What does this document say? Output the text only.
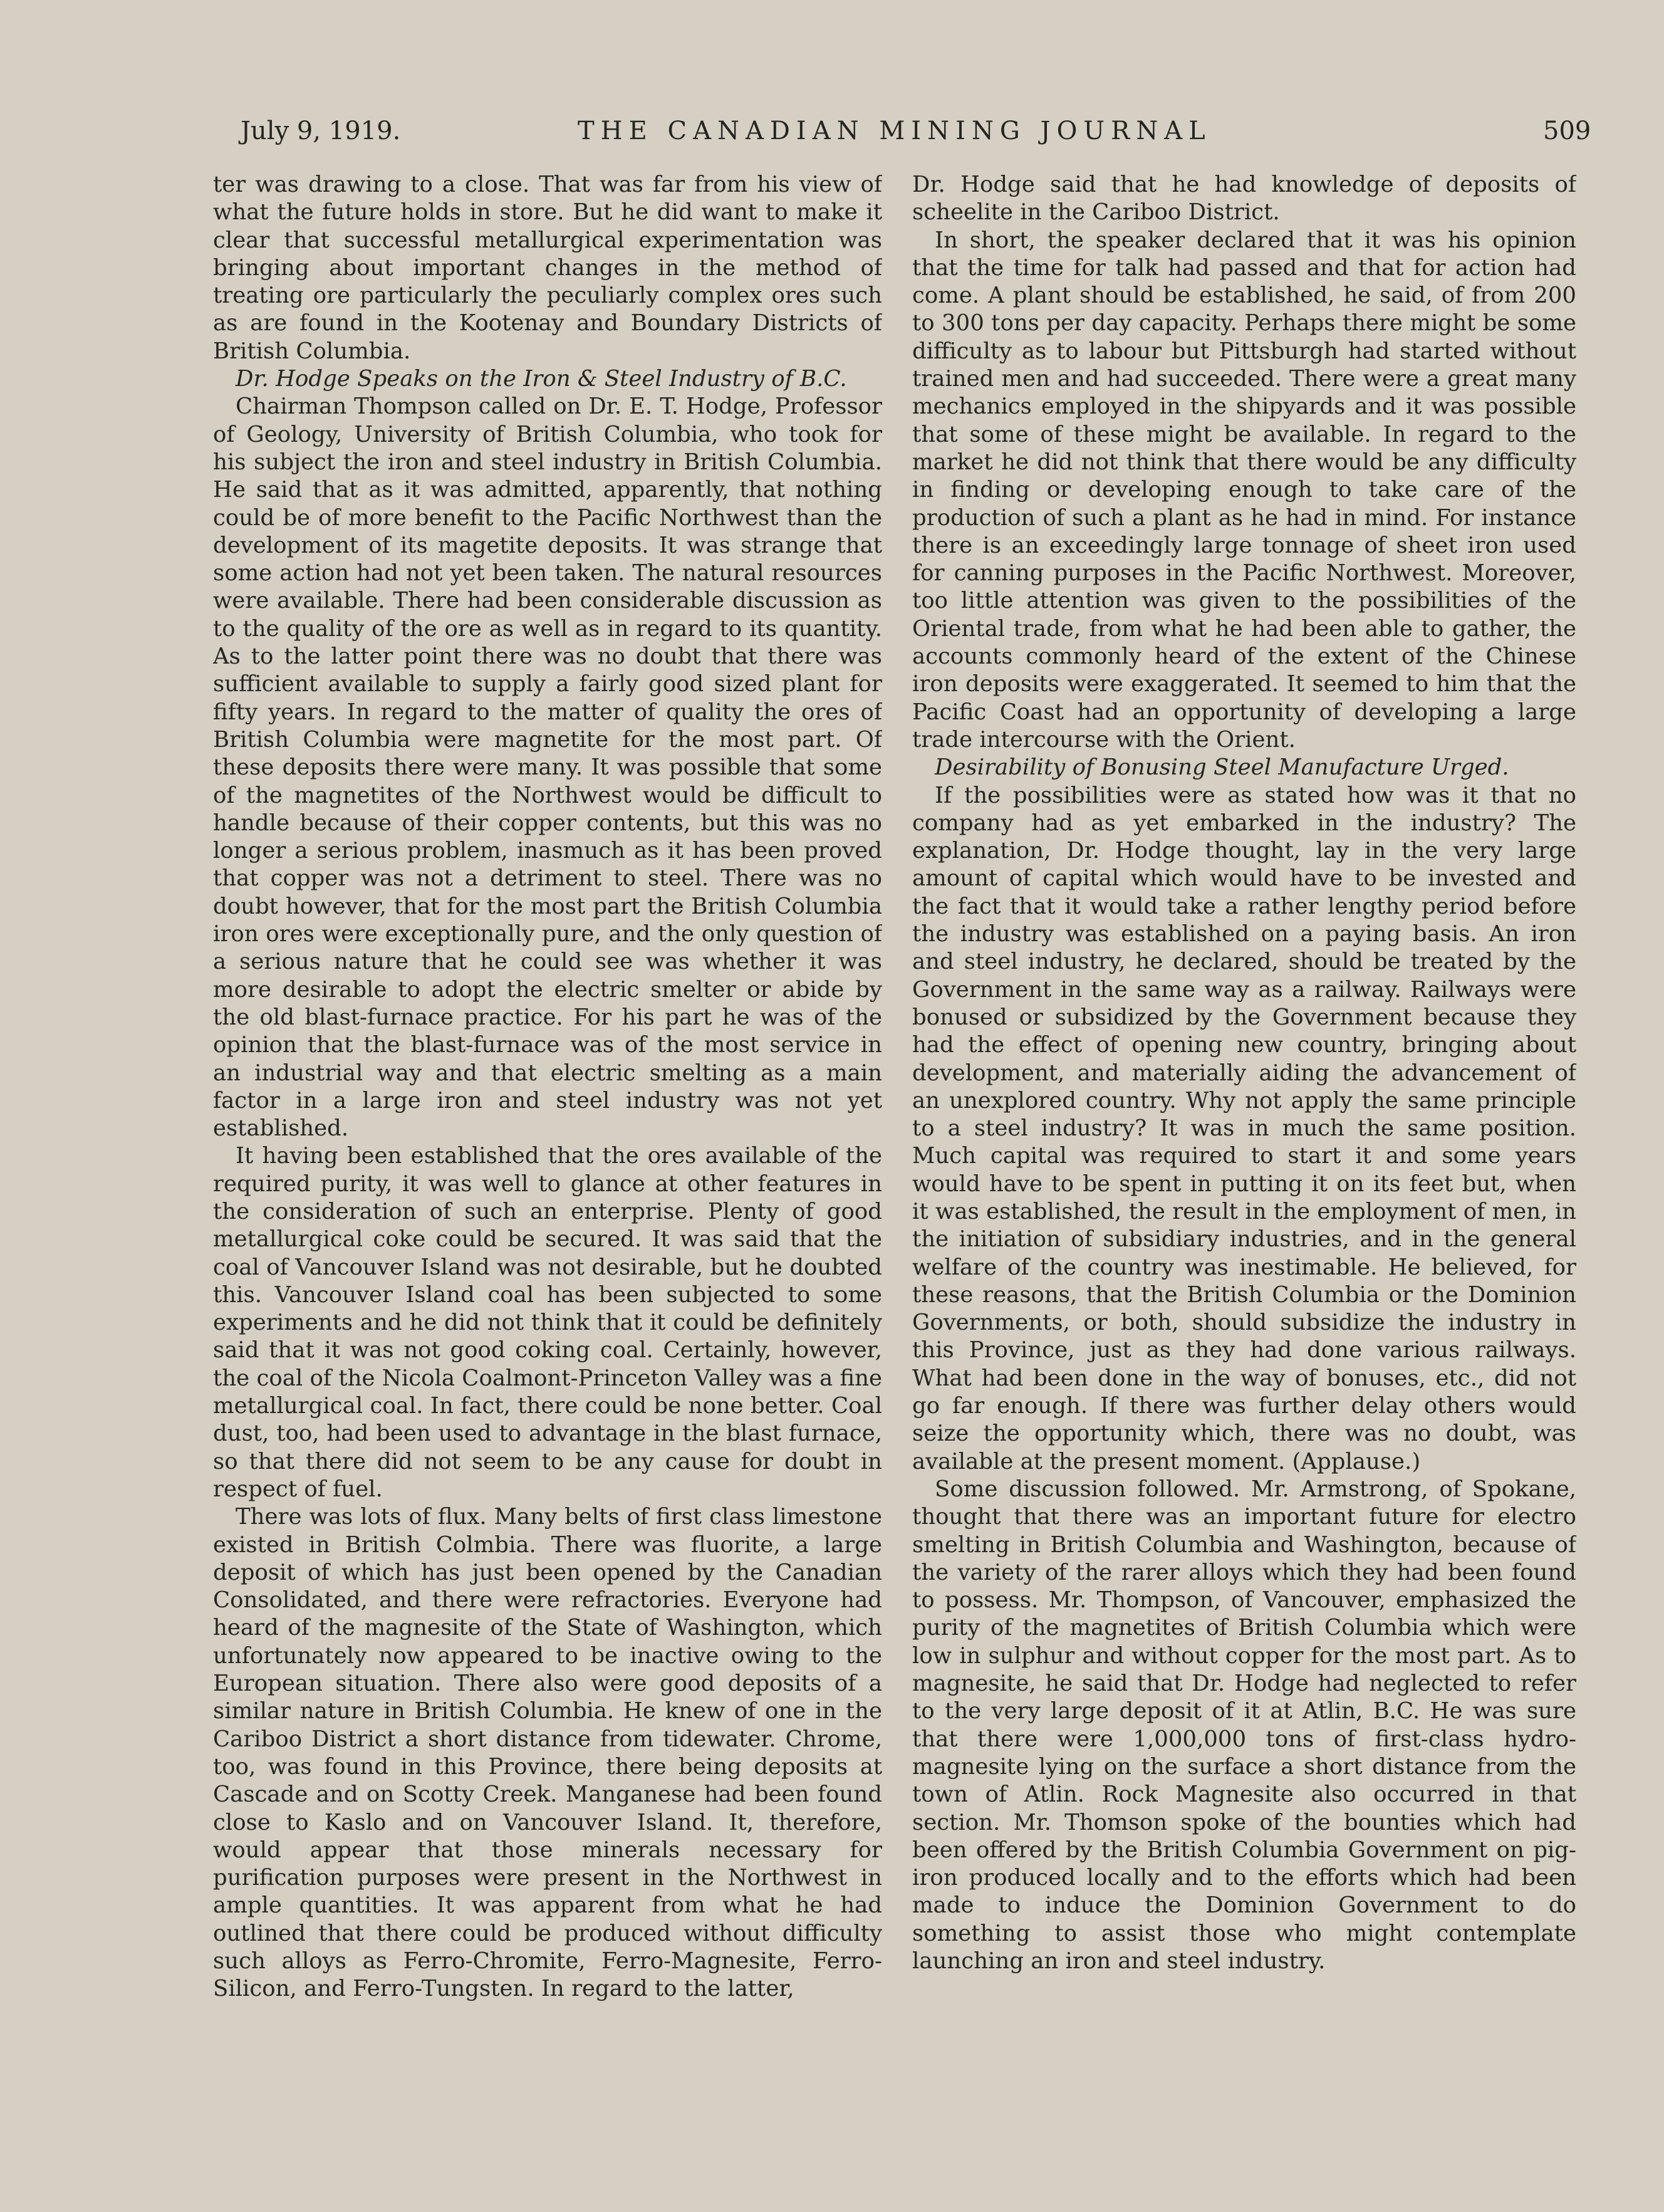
July 9, 1919.	THE CANADIAN MINING JOURNAL	509

ter was drawing to a close. That was far from his view of what the future holds in store. But he did want to make it clear that successful metallurgical experimentation was bringing about important changes in the method of treating ore particularly the peculiarly complex ores such as are found in the Kootenay and Boundary Districts of British Columbia.

Dr. Hodge Speaks on the Iron & Steel Industry of B.C.

Chairman Thompson called on Dr. E. T. Hodge, Professor of Geology, University of British Columbia, who took for his subject the iron and steel industry in British Columbia. He said that as it was admitted, apparently, that nothing could be of more benefit to the Pacific Northwest than the development of its magetite deposits. It was strange that some action had not yet been taken. The natural resources were available. There had been considerable discussion as to the quality of the ore as well as in regard to its quantity. As to the latter point there was no doubt that there was sufficient available to supply a fairly good sized plant for fifty years. In regard to the matter of quality the ores of British Columbia were magnetite for the most part. Of these deposits there were many. It was possible that some of the magnetites of the Northwest would be difficult to handle because of their copper contents, but this was no longer a serious problem, inasmuch as it has been proved that copper was not a detriment to steel. There was no doubt however, that for the most part the British Columbia iron ores were exceptionally pure, and the only question of a serious nature that he could see was whether it was more desirable to adopt the electric smelter or abide by the old blast-furnace practice. For his part he was of the opinion that the blast-furnace was of the most service in an industrial way and that electric smelting as a main factor in a large iron and steel industry was not yet established.

It having been established that the ores available of the required purity, it was well to glance at other features in the consideration of such an enterprise. Plenty of good metallurgical coke could be secured. It was said that the coal of Vancouver Island was not desirable, but he doubted this. Vancouver Island coal has been subjected to some experiments and he did not think that it could be definitely said that it was not good coking coal. Certainly, however, the coal of the Nicola Coalmont-Princeton Valley was a fine metallurgical coal. In fact, there could be none better. Coal dust, too, had been used to advantage in the blast furnace, so that there did not seem to be any cause for doubt in respect of fuel.

There was lots of flux. Many belts of first class limestone existed in British Colmbia. There was fluorite, a large deposit of which has just been opened by the Canadian Consolidated, and there were refractories. Everyone had heard of the magnesite of the State of Washington, which unfortunately now appeared to be inactive owing to the European situation. There also were good deposits of a similar nature in British Columbia. He knew of one in the Cariboo District a short distance from tidewater. Chrome, too, was found in this Province, there being deposits at Cascade and on Scotty Creek. Manganese had been found close to Kaslo and on Vancouver Island. It, therefore, would appear that those minerals necessary for purification purposes were present in the Northwest in ample quantities. It was apparent from what he had outlined that there could be produced without difficulty such alloys as Ferro-Chromite, Ferro-Magnesite, Ferro-Silicon, and Ferro-Tungsten. In regard to the latter,

Dr. Hodge said that he had knowledge of deposits of scheelite in the Cariboo District.

In short, the speaker declared that it was his opinion that the time for talk had passed and that for action had come. A plant should be established, he said, of from 200 to 300 tons per day capacity. Perhaps there might be some difficulty as to labour but Pittsburgh had started without trained men and had succeeded. There were a great many mechanics employed in the shipyards and it was possible that some of these might be available. In regard to the market he did not think that there would be any difficulty in finding or developing enough to take care of the production of such a plant as he had in mind. For instance there is an exceedingly large tonnage of sheet iron used for canning purposes in the Pacific Northwest. Moreover, too little attention was given to the possibilities of the Oriental trade, from what he had been able to gather, the accounts commonly heard of the extent of the Chinese iron deposits were exaggerated. It seemed to him that the Pacific Coast had an opportunity of developing a large trade intercourse with the Orient.

Desirability of Bonusing Steel Manufacture Urged.

If the possibilities were as stated how was it that no company had as yet embarked in the industry? The explanation, Dr. Hodge thought, lay in the very large amount of capital which would have to be invested and the fact that it would take a rather lengthy period before the industry was established on a paying basis. An iron and steel industry, he declared, should be treated by the Government in the same way as a railway. Railways were bonused or subsidized by the Government because they had the effect of opening new country, bringing about development, and materially aiding the advancement of an unexplored country. Why not apply the same principle to a steel industry? It was in much the same position. Much capital was required to start it and some years would have to be spent in putting it on its feet but, when it was established, the result in the employment of men, in the initiation of subsidiary industries, and in the general welfare of the country was inestimable. He believed, for these reasons, that the British Columbia or the Dominion Governments, or both, should subsidize the industry in this Province, just as they had done various railways. What had been done in the way of bonuses, etc., did not go far enough. If there was further delay others would seize the opportunity which, there was no doubt, was available at the present moment. (Applause.)

Some discussion followed. Mr. Armstrong, of Spokane, thought that there was an important future for electro smelting in British Columbia and Washington, because of the variety of the rarer alloys which they had been found to possess. Mr. Thompson, of Vancouver, emphasized the purity of the magnetites of British Columbia which were low in sulphur and without copper for the most part. As to magnesite, he said that Dr. Hodge had neglected to refer to the very large deposit of it at Atlin, B.C. He was sure that there were 1,000,000 tons of first-class hydro-magnesite lying on the surface a short distance from the town of Atlin. Rock Magnesite also occurred in that section. Mr. Thomson spoke of the bounties which had been offered by the British Columbia Government on pig-iron produced locally and to the efforts which had been made to induce the Dominion Government to do something to assist those who might contemplate launching an iron and steel industry.
